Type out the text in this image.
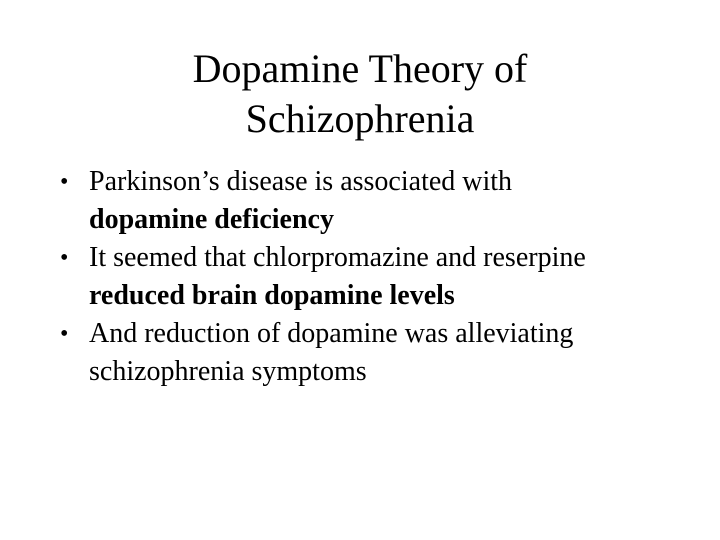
Dopamine Theory of
Schizophrenia
• Parkinson’s disease is associated with
dopamine deficiency
• It seemed that chlorpromazine and reserpine
reduced brain dopamine levels
• And reduction of dopamine was alleviating
schizophrenia symptoms
